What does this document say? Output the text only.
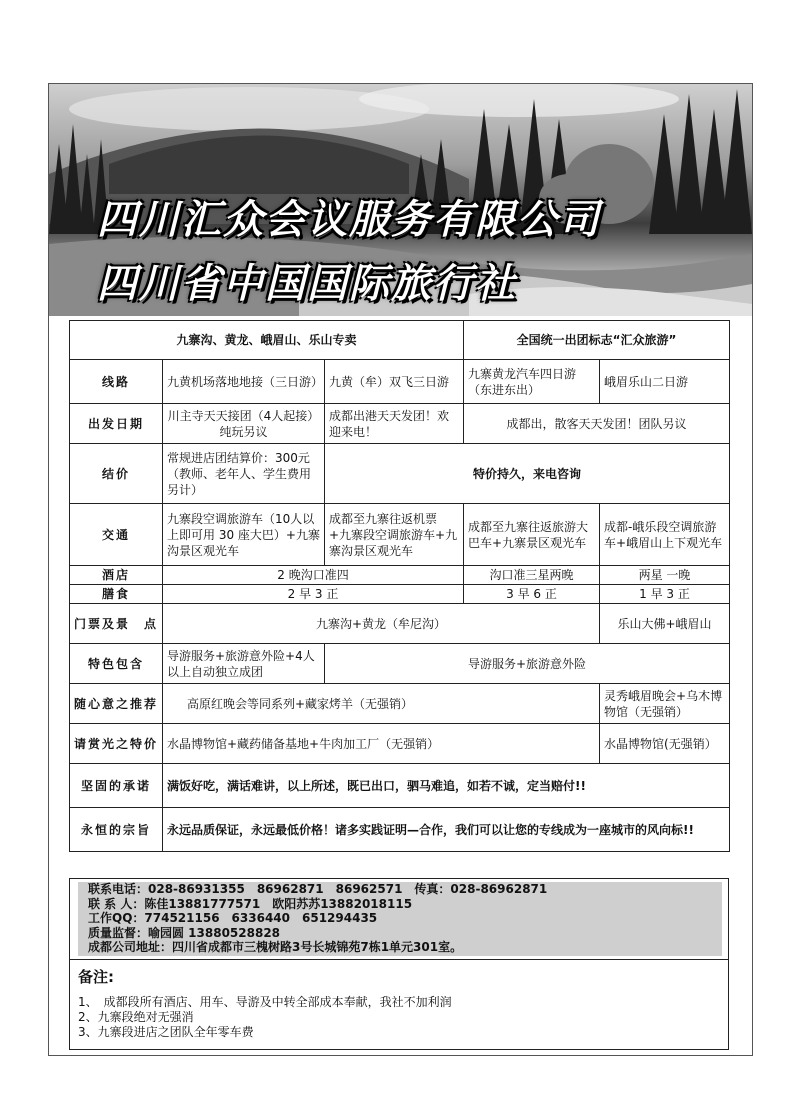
四川汇众会议服务有限公司
四川省中国国际旅行社
九寨沟、黄龙、峨眉山、乐山专卖			全国统一出团标志“汇众旅游”	
线路	九黄机场落地地接（三日游）	九黄（牟）双飞三日游	九寨黄龙汽车四日游（东进东出）	峨眉乐山二日游
出发日期	川主寺天天接团（4人起接）纯玩另议	成都出港天天发团！欢迎来电！	成都出，散客天天发团！团队另议	
结价	常规进店团结算价：300元（教师、老年人、学生费用另计）	特价持久，来电咨询		
交通	九寨段空调旅游车（10人以上即可用 30 座大巴）+九寨沟景区观光车	成都至九寨往返机票+九寨段空调旅游车+九寨沟景区观光车	成都至九寨往返旅游大巴车+九寨景区观光车	成都-峨乐段空调旅游车+峨眉山上下观光车
酒店	2 晚沟口准四		沟口准三星两晚	两星 一晚
膳食	2 早 3 正		3 早 6 正	1 早 3 正
门票及景　点	九寨沟+黄龙（牟尼沟）			乐山大佛+峨眉山
特色包含	导游服务+旅游意外险+4人以上自动独立成团	导游服务+旅游意外险		
随心意之推荐	高原红晚会等同系列+藏家烤羊（无强销）			灵秀峨眉晚会+乌木博物馆（无强销）
请赏光之特价	水晶博物馆+藏药储备基地+牛肉加工厂（无强销）			水晶博物馆(无强销）
坚固的承诺	满饭好吃，满话难讲，以上所述，既已出口，驷马难追，如若不诚，定当赔付!!			
永恒的宗旨	永远品质保证，永远最低价格！诸多实践证明—合作，我们可以让您的专线成为一座城市的风向标!!			
联系电话：028-86931355　86962871　86962571　传真：028-86962871
联 系 人：陈佳13881777571　欧阳苏苏13882018115
工作QQ：774521156　6336440　651294435
质量监督：喻园圆 13880528828
成都公司地址：四川省成都市三槐树路3号长城锦苑7栋1单元301室。
备注:
1、　成都段所有酒店、用车、导游及中转全部成本奉献，我社不加利润
2、九寨段绝对无强消
3、九寨段进店之团队全年零车费
